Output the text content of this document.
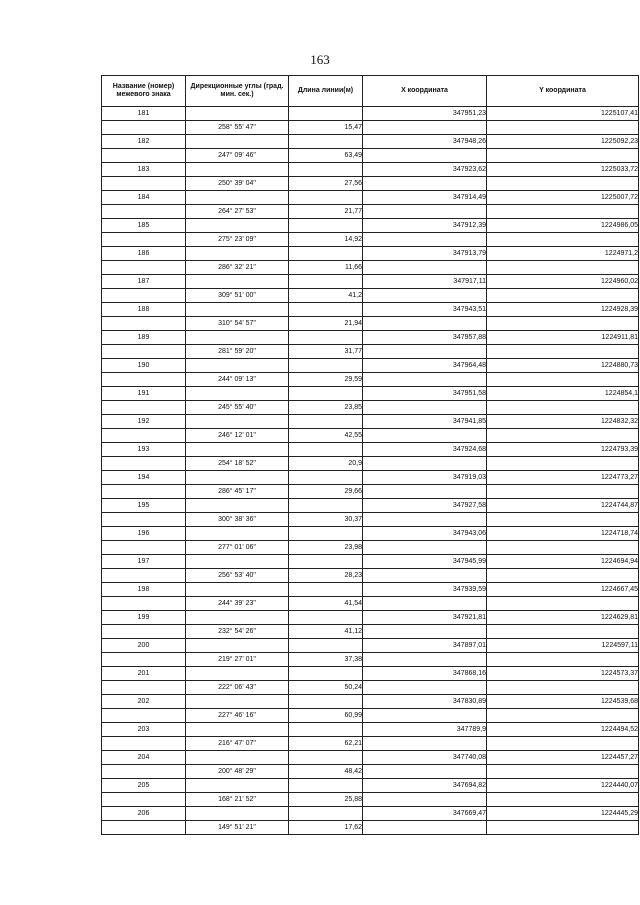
163
Название (номер) межевого знака	Дирекционные углы (град. мин. сек.)	Длина линии(м)	X координата	Y координата
181			347951,23	1225107,41
	258° 55' 47"	15,47		
182			347948,26	1225092,23
	247° 09' 46"	63,49		
183			347923,62	1225033,72
	250° 39' 04"	27,56		
184			347914,49	1225007,72
	264° 27' 53"	21,77		
185			347912,39	1224986,05
	275° 23' 09"	14,92		
186			347913,79	1224971,2
	286° 32' 21"	11,66		
187			347917,11	1224960,02
	309° 51' 00"	41,2		
188			347943,51	1224928,39
	310° 54' 57"	21,94		
189			347957,88	1224911,81
	281° 59' 20"	31,77		
190			347964,48	1224880,73
	244° 09' 13"	29,59		
191			347951,58	1224854,1
	245° 55' 40"	23,85		
192			347941,85	1224832,32
	246° 12' 01"	42,55		
193			347924,68	1224793,39
	254° 18' 52"	20,9		
194			347919,03	1224773,27
	286° 45' 17"	29,66		
195			347927,58	1224744,87
	300° 38' 36"	30,37		
196			347943,06	1224718,74
	277° 01' 06"	23,98		
197			347945,99	1224694,94
	256° 53' 40"	28,23		
198			347939,59	1224667,45
	244° 39' 23"	41,54		
199			347921,81	1224629,81
	232° 54' 26"	41,12		
200			347897,01	1224597,11
	219° 27' 01"	37,38		
201			347868,16	1224573,37
	222° 06' 43"	50,24		
202			347830,89	1224539,68
	227° 46' 16"	60,99		
203			347789,9	1224494,52
	216° 47' 07"	62,21		
204			347740,08	1224457,27
	200° 48' 29"	48,42		
205			347694,82	1224440,07
	168° 21' 52"	25,88		
206			347669,47	1224445,29
	149° 51' 21"	17,62		
